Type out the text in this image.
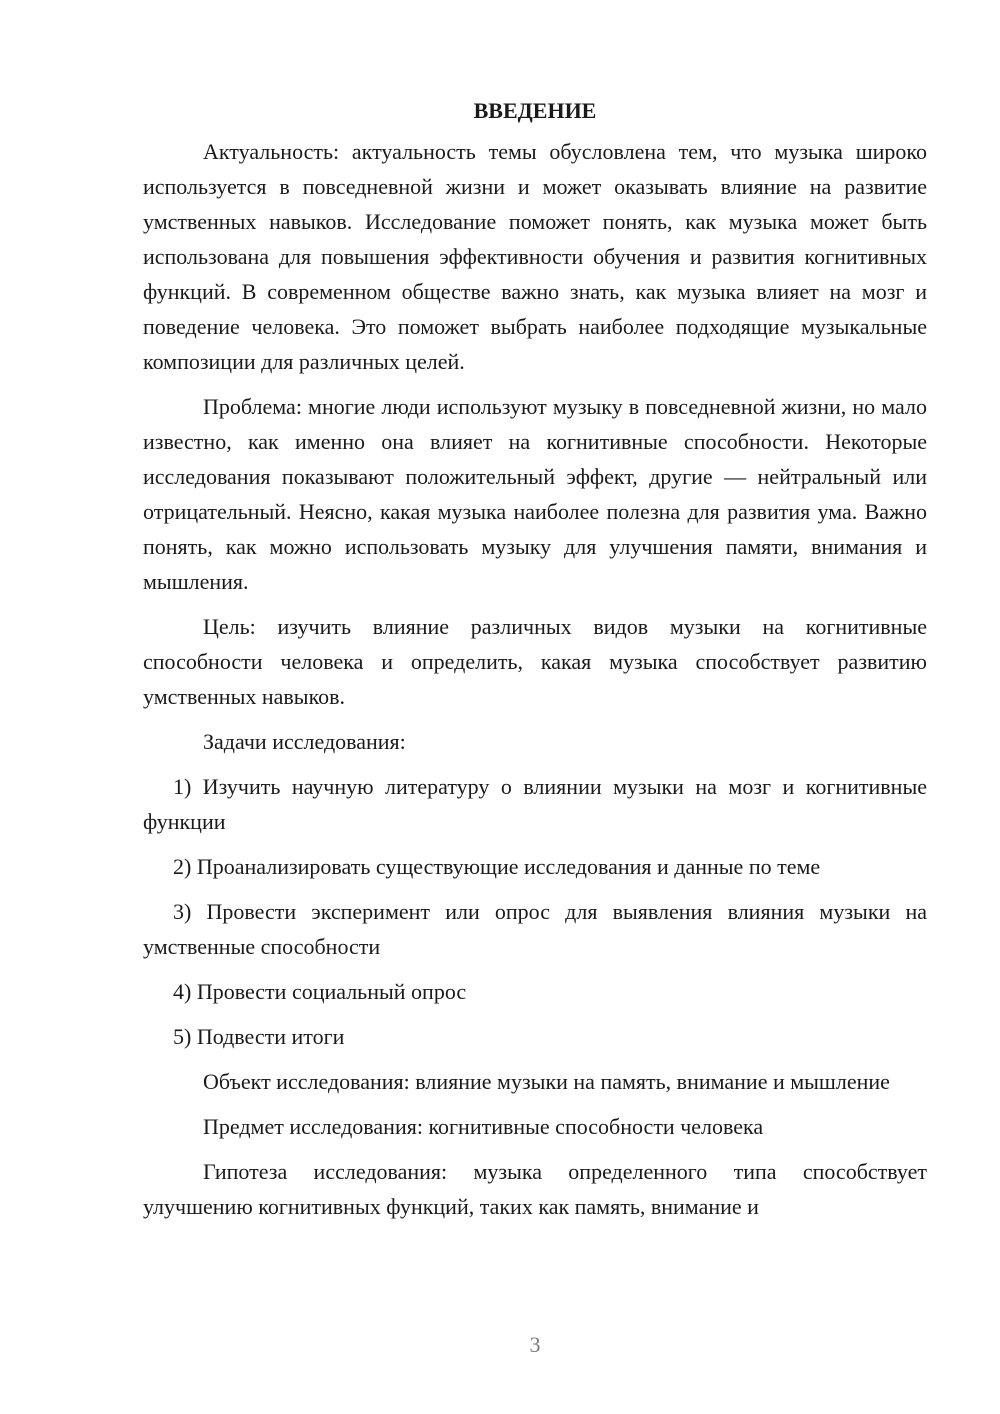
ВВЕДЕНИЕ

Актуальность: актуальность темы обусловлена тем, что музыка широко используется в повседневной жизни и может оказывать влияние на развитие умственных навыков. Исследование поможет понять, как музыка может быть использована для повышения эффективности обучения и развития когнитивных функций. В современном обществе важно знать, как музыка влияет на мозг и поведение человека. Это поможет выбрать наиболее подходящие музыкальные композиции для различных целей.

Проблема: многие люди используют музыку в повседневной жизни, но мало известно, как именно она влияет на когнитивные способности. Некоторые исследования показывают положительный эффект, другие — нейтральный или отрицательный. Неясно, какая музыка наиболее полезна для развития ума. Важно понять, как можно использовать музыку для улучшения памяти, внимания и мышления.

Цель: изучить влияние различных видов музыки на когнитивные способности человека и определить, какая музыка способствует развитию умственных навыков.

Задачи исследования:

1) Изучить научную литературу о влиянии музыки на мозг и когнитивные функции

2) Проанализировать существующие исследования и данные по теме

3) Провести эксперимент или опрос для выявления влияния музыки на умственные способности

4) Провести социальный опрос

5) Подвести итоги

Объект исследования: влияние музыки на память, внимание и мышление

Предмет исследования: когнитивные способности человека

Гипотеза исследования: музыка определенного типа способствует улучшению когнитивных функций, таких как память, внимание и

3
